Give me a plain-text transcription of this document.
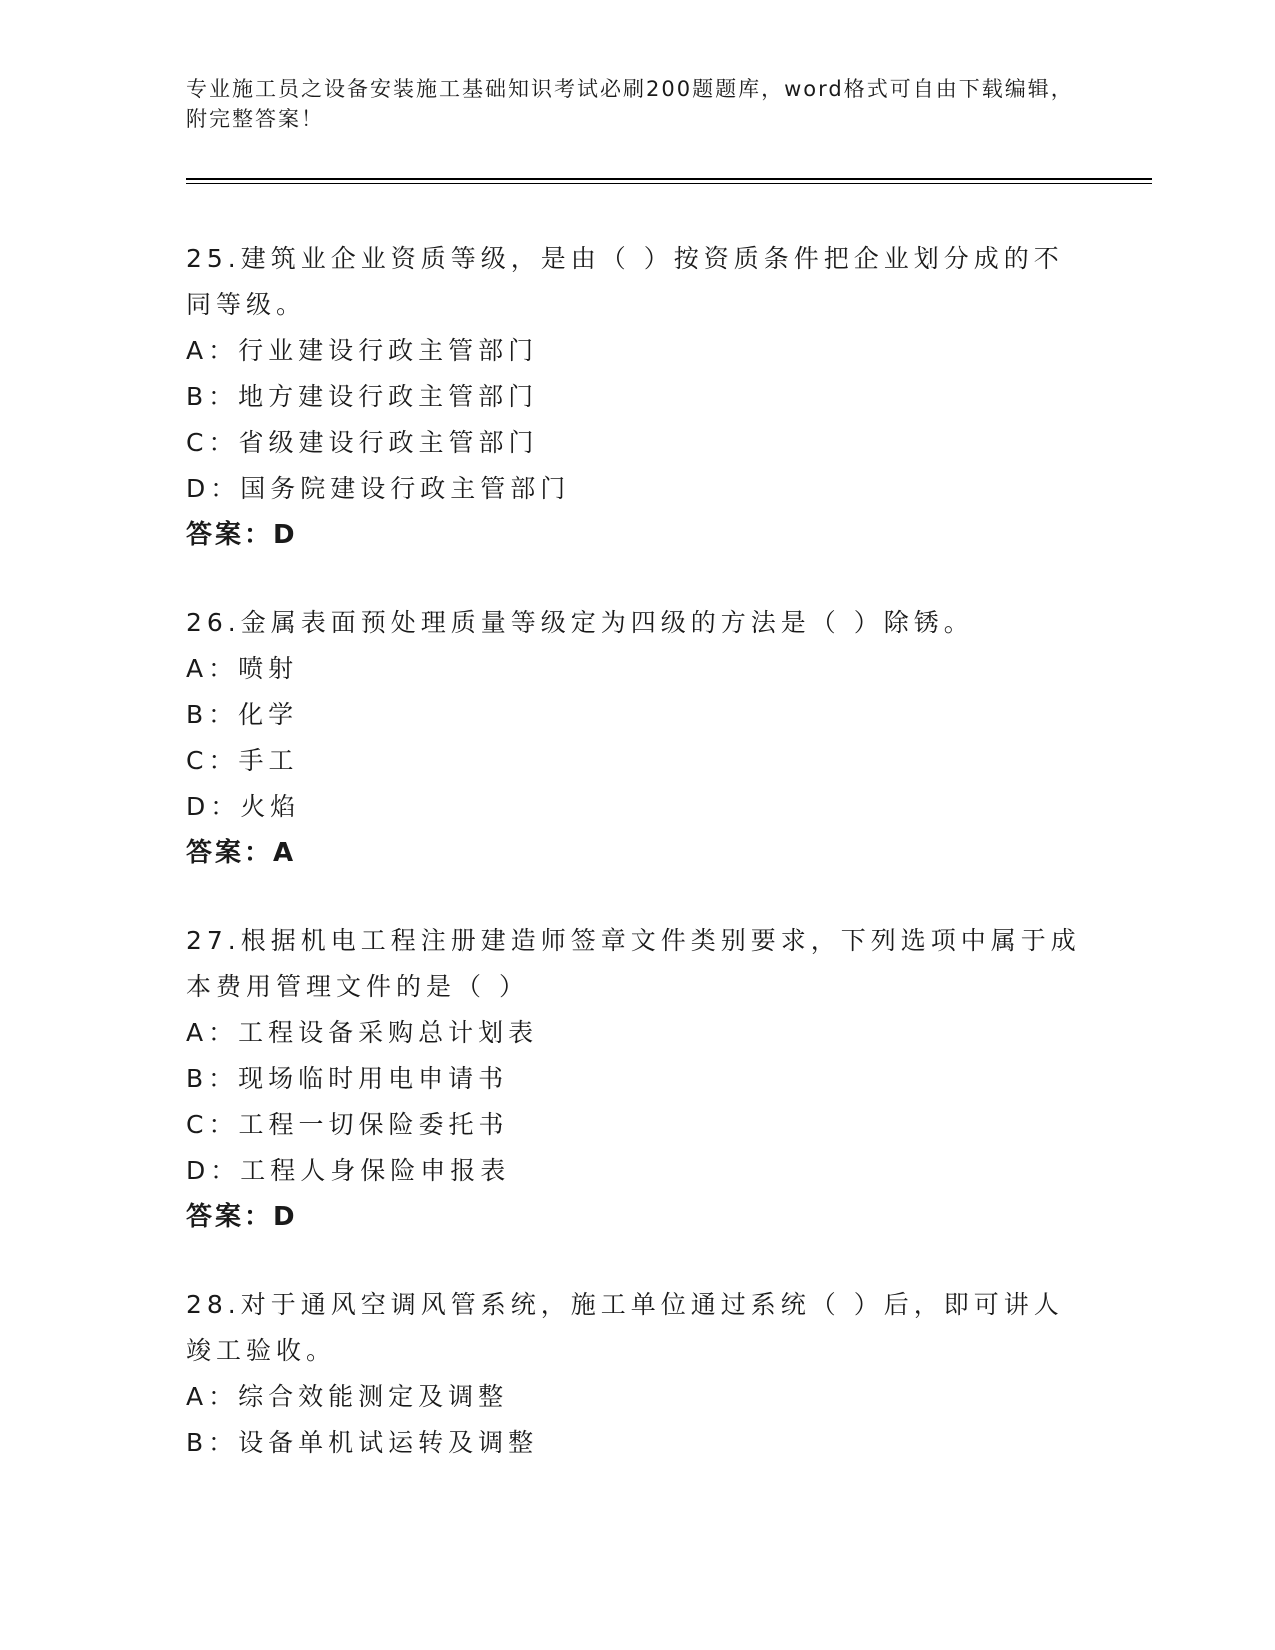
专业施工员之设备安装施工基础知识考试必刷200题题库，word格式可自由下载编辑，附完整答案！
25.建筑业企业资质等级，是由（ ）按资质条件把企业划分成的不同等级。
A：行业建设行政主管部门
B：地方建设行政主管部门
C：省级建设行政主管部门
D：国务院建设行政主管部门
答案：D
26.金属表面预处理质量等级定为四级的方法是（ ）除锈。
A：喷射
B：化学
C：手工
D：火焰
答案：A
27.根据机电工程注册建造师签章文件类别要求，下列选项中属于成本费用管理文件的是（ ）
A：工程设备采购总计划表
B：现场临时用电申请书
C：工程一切保险委托书
D：工程人身保险申报表
答案：D
28.对于通风空调风管系统，施工单位通过系统（ ）后，即可讲人竣工验收。
A：综合效能测定及调整
B：设备单机试运转及调整
